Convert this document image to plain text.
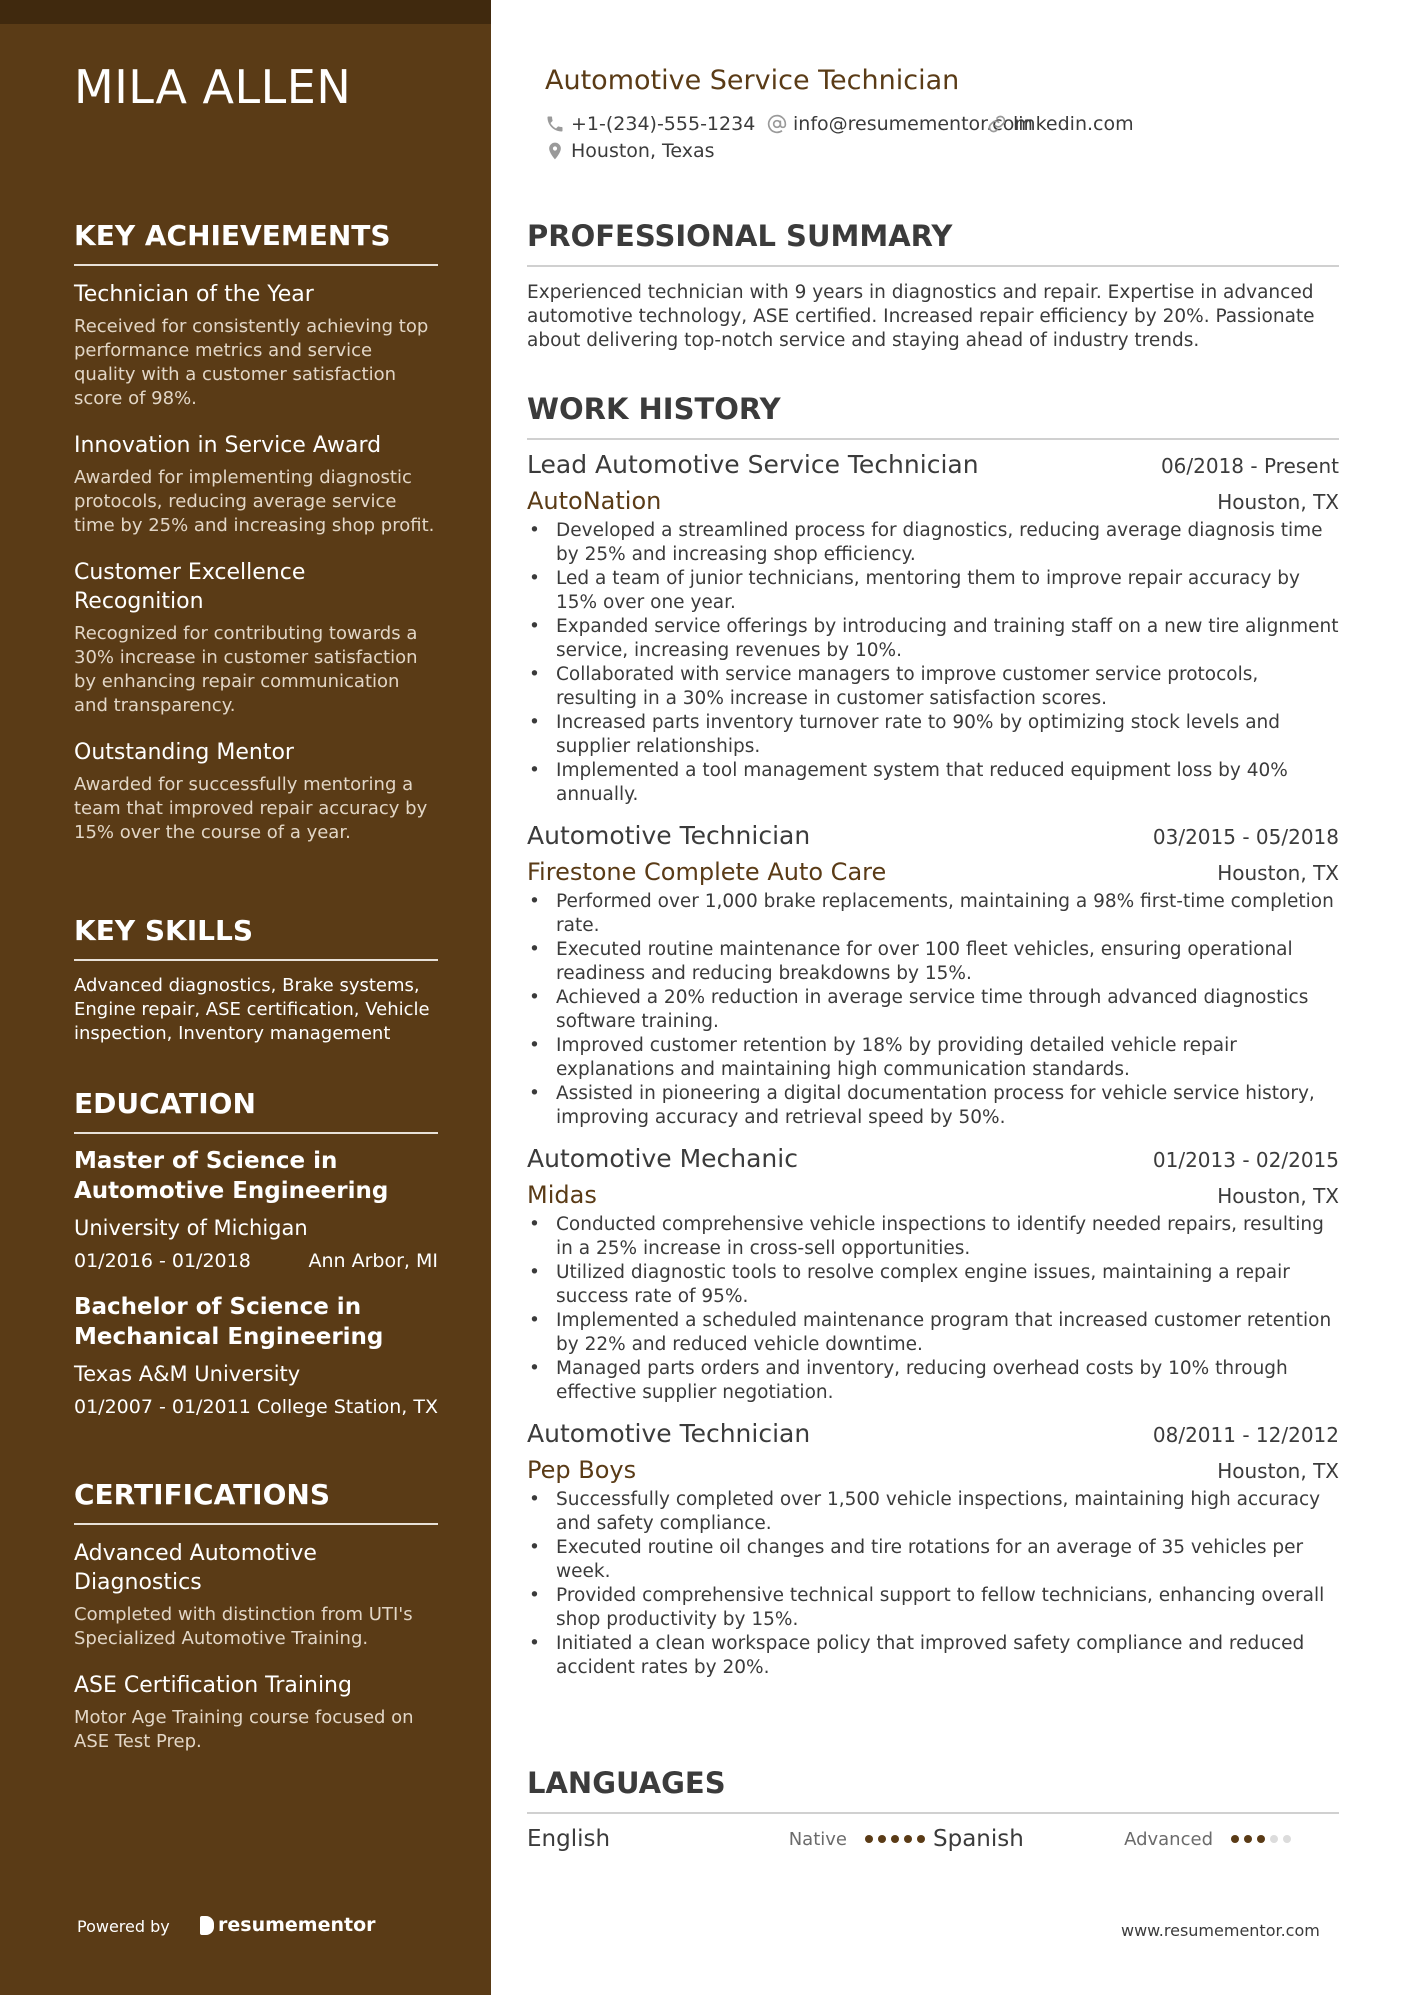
MILA ALLEN
KEY ACHIEVEMENTS
Technician of the Year
Received for consistently achieving top performance metrics and service quality with a customer satisfaction score of 98%.
Innovation in Service Award
Awarded for implementing diagnostic protocols, reducing average service time by 25% and increasing shop profit.
Customer Excellence Recognition
Recognized for contributing towards a 30% increase in customer satisfaction by enhancing repair communication and transparency.
Outstanding Mentor
Awarded for successfully mentoring a team that improved repair accuracy by 15% over the course of a year.
KEY SKILLS
Advanced diagnostics, Brake systems, Engine repair, ASE certification, Vehicle inspection, Inventory management
EDUCATION
Master of Science in Automotive Engineering
University of Michigan
01/2016 - 01/2018	Ann Arbor, MI
Bachelor of Science in Mechanical Engineering
Texas A&M University
01/2007 - 01/2011 College Station, TX
CERTIFICATIONS
Advanced Automotive Diagnostics
Completed with distinction from UTI's Specialized Automotive Training.
ASE Certification Training
Motor Age Training course focused on ASE Test Prep.
Powered by	resumementor
Automotive Service Technician
+1-(234)-555-1234 info@resumementor.com
linkedin.com
Houston, Texas
PROFESSIONAL SUMMARY

Experienced technician with 9 years in diagnostics and repair. Expertise in advanced automotive technology, ASE certified. Increased repair efficiency by 20%. Passionate about delivering top-notch service and staying ahead of industry trends.

WORK HISTORY
Lead Automotive Service Technician	06/2018 - Present
AutoNation	Houston, TX
• Developed a streamlined process for diagnostics, reducing average diagnosis time by 25% and increasing shop efficiency.
• Led a team of junior technicians, mentoring them to improve repair accuracy by 15% over one year.
• Expanded service offerings by introducing and training staff on a new tire alignment service, increasing revenues by 10%.
• Collaborated with service managers to improve customer service protocols, resulting in a 30% increase in customer satisfaction scores.
• Increased parts inventory turnover rate to 90% by optimizing stock levels and supplier relationships.
• Implemented a tool management system that reduced equipment loss by 40% annually.
Automotive Technician	03/2015 - 05/2018
Firestone Complete Auto Care	Houston, TX
• Performed over 1,000 brake replacements, maintaining a 98% first-time completion rate.
• Executed routine maintenance for over 100 fleet vehicles, ensuring operational readiness and reducing breakdowns by 15%.
• Achieved a 20% reduction in average service time through advanced diagnostics software training.
• Improved customer retention by 18% by providing detailed vehicle repair explanations and maintaining high communication standards.
• Assisted in pioneering a digital documentation process for vehicle service history, improving accuracy and retrieval speed by 50%.
Automotive Mechanic	01/2013 - 02/2015
Midas	Houston, TX
• Conducted comprehensive vehicle inspections to identify needed repairs, resulting in a 25% increase in cross-sell opportunities.
• Utilized diagnostic tools to resolve complex engine issues, maintaining a repair success rate of 95%.
• Implemented a scheduled maintenance program that increased customer retention by 22% and reduced vehicle downtime.
• Managed parts orders and inventory, reducing overhead costs by 10% through effective supplier negotiation.
Automotive Technician	08/2011 - 12/2012
Pep Boys	Houston, TX
• Successfully completed over 1,500 vehicle inspections, maintaining high accuracy and safety compliance.
• Executed routine oil changes and tire rotations for an average of 35 vehicles per week.
• Provided comprehensive technical support to fellow technicians, enhancing overall shop productivity by 15%.
• Initiated a clean workspace policy that improved safety compliance and reduced accident rates by 20%.
LANGUAGES
English	Native	Spanish	Advanced
www.resumementor.com
